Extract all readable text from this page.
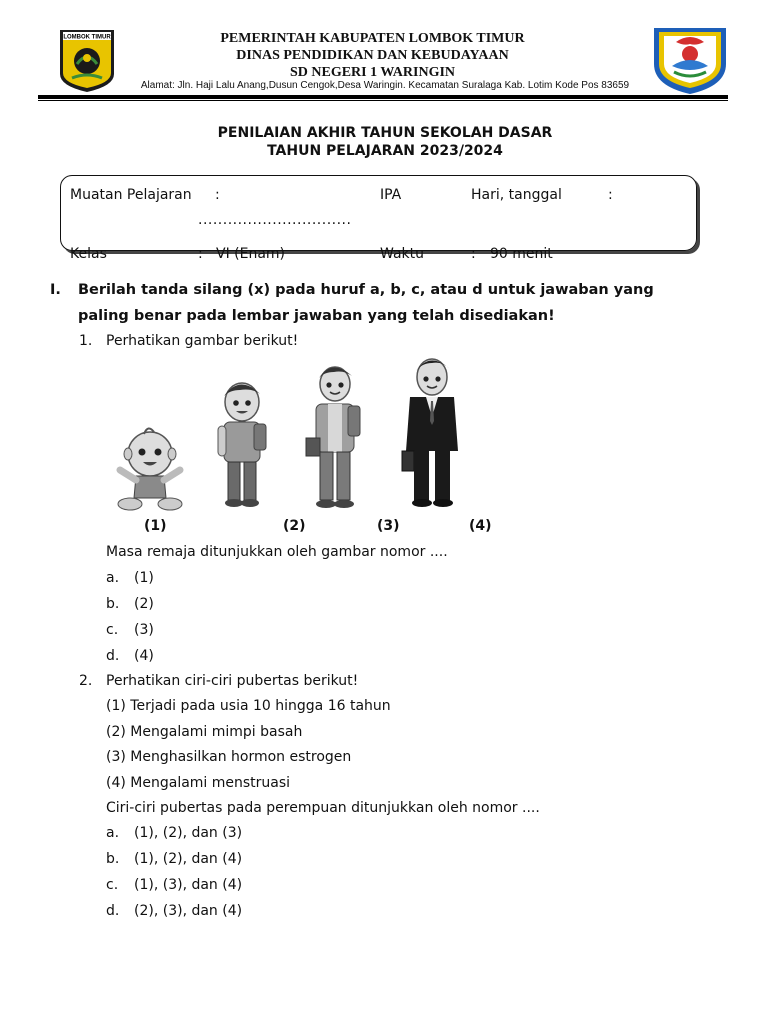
LOMBOK TIMUR	PEMERINTAH KABUPATEN LOMBOK TIMUR
DINAS PENDIDIKAN DAN KEBUDAYAAN
SD NEGERI 1 WARINGIN
Alamat: Jln. Haji Lalu Anang,Dusun Cengok,Desa Waringin. Kecamatan Suralaga Kab. Lotim Kode Pos 83659
PENILAIAN AKHIR TAHUN SEKOLAH DASAR
TAHUN PELAJARAN 2023/2024
Muatan Pelajaran :	IPA	Hari, tanggal	:
...............................
Kelas	: VI (Enam)	Waktu	: 90 menit
I. Berilah tanda silang (x) pada huruf a, b, c, atau d untuk jawaban yang paling benar pada lembar jawaban yang telah disediakan!
1. Perhatikan gambar berikut!
(1)	(2)	(3)	(4)
Masa remaja ditunjukkan oleh gambar nomor ....
a. (1)
b. (2)
c. (3)
d. (4)
2. Perhatikan ciri-ciri pubertas berikut!
(1) Terjadi pada usia 10 hingga 16 tahun
(2) Mengalami mimpi basah
(3) Menghasilkan hormon estrogen
(4) Mengalami menstruasi
Ciri-ciri pubertas pada perempuan ditunjukkan oleh nomor ....
a. (1), (2), dan (3)
b. (1), (2), dan (4)
c. (1), (3), dan (4)
d. (2), (3), dan (4)
